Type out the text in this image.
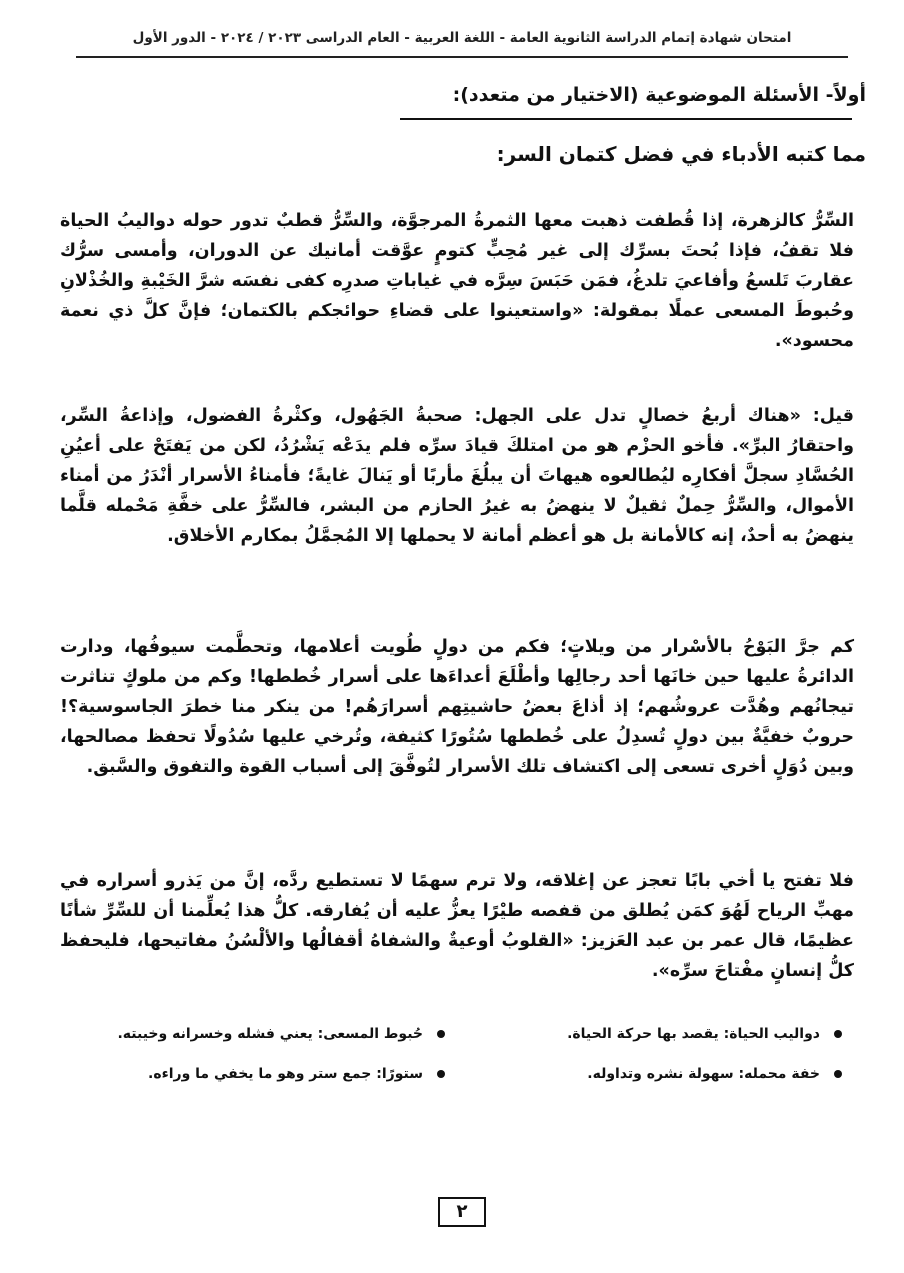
امتحان شهادة إتمام الدراسة الثانوية العامة - اللغة العربية - العام الدراسى ٢٠٢٣ / ٢٠٢٤ - الدور الأول
أولاً- الأسئلة الموضوعية (الاختيار من متعدد):
مما كتبه الأدباء في فضل كتمان السر:

السِّرُّ كالزهرة، إذا قُطفت ذهبت معها الثمرةُ المرجوَّة، والسِّرُّ قطبٌ تدور حوله دواليبُ الحياة فلا تقفُ، فإذا بُحتَ بسرِّك إلى غير مُحِبٍّ كتومٍ عوَّقت أمانيك عن الدوران، وأمسى سرُّك عقاربَ تَلسعُ وأفاعيَ تلدغُ، فمَن حَبَسَ سِرَّه في غياباتِ صدرِه كفى نفسَه شرَّ الخَيْبةِ والخُذْلانِ وحُبوطَ المسعى عملًا بمقولة: «واستعينوا على قضاءِ حوائجكم بالكتمان؛ فإنَّ كلَّ ذي نعمة محسود».

قيل: «هناك أربعُ خصالٍ تدل على الجهل: صحبةُ الجَهُول، وكثْرةُ الفضول، وإذاعةُ السِّر، واحتقارُ البرِّ». فأخو الحزْم هو من امتلكَ قيادَ سرِّه فلم يدَعْه يَشْرُدُ، لكن من يَفتَحْ على أعيُنِ الحُسَّادِ سجلَّ أفكارِه ليُطالعوه هيهاتَ أن يبلُغَ مأربًا أو يَنالَ غايةً؛ فأمناءُ الأسرار أنْدَرُ من أمناء الأموال، والسِّرُّ حِملٌ ثقيلٌ لا ينهضُ به غيرُ الحازم من البشر، فالسِّرُّ على خفَّةِ مَحْمله قلَّما ينهضُ به أحدٌ، إنه كالأمانة بل هو أعظم أمانة لا يحملها إلا المُجمَّلُ بمكارم الأخلاق.

كم جرَّ البَوْحُ بالأسْرار من ويلاتٍ؛ فكم من دولٍ طُويت أعلامها، وتحطَّمت سيوفُها، ودارت الدائرةُ عليها حين خانَها أحد رجالِها وأطْلَعَ أعداءَها على أسرار خُططها! وكم من ملوكٍ تناثرت تيجانُهم وهُدَّت عروشُهم؛ إذ أذاعَ بعضُ حاشيتِهم أسرارَهُم! من ينكر منا خطرَ الجاسوسية؟! حروبٌ خفيَّةٌ بين دولٍ تُسدِلُ على خُططها سُتُورًا كثيفة، وتُرخي عليها سُدُولًا تحفظ مصالحها، وبين دُوَلٍ أخرى تسعى إلى اكتشاف تلك الأسرار لتُوفَّقَ إلى أسباب القوة والتفوق والسَّبق.

فلا تفتح يا أخي بابًا تعجز عن إغلاقه، ولا ترم سهمًا لا تستطيع ردَّه، إنَّ من يَذرو أسراره في مهبِّ الرياح لَهُوَ كمَن يُطلق من قفصه طيْرًا يعزُّ عليه أن يُفارقه. كلُّ هذا يُعلِّمنا أن للسِّرِّ شأنًا عظيمًا، قال عمر بن عبد العَزيز: «القلوبُ أوعيةٌ والشفاهُ أقفالُها والألْسُنُ مفاتيحها، فليحفظ كلُّ إنسانٍ مفْتاحَ سرِّه».

دواليب الحياة: يقصد بها حركة الحياة.
حُبوط المسعى: يعني فشله وخسرانه وخيبته.
خفة محمله: سهولة نشره وتداوله.
ستورًا: جمع ستر وهو ما يخفي ما وراءه.
٢
